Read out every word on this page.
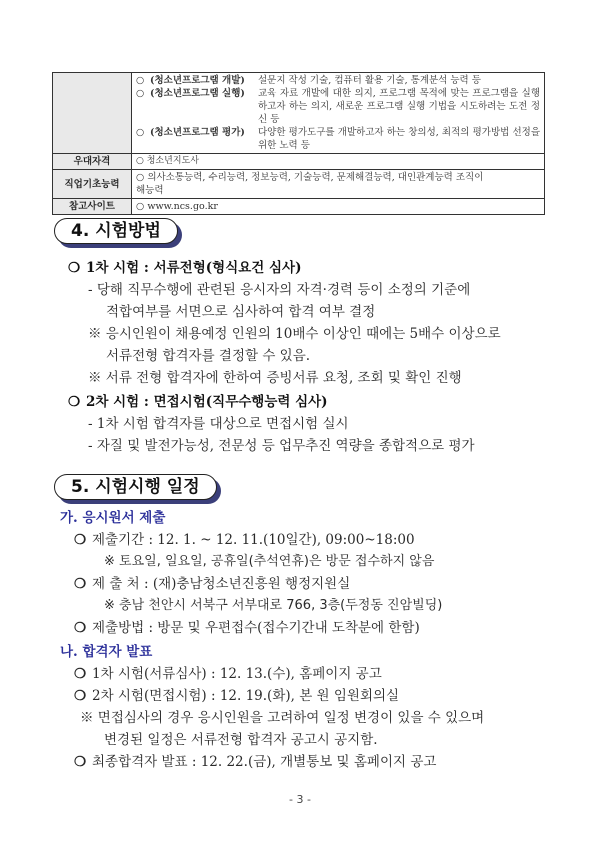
○ (청소년프로그램 개발)	설문지 작성 기술, 컴퓨터 활용 기술, 통계분석 능력 등
○ (청소년프로그램 실행)	교육 자료 개발에 대한 의지, 프로그램 목적에 맞는 프로그램을 실행하고자 하는 의지, 새로운 프로그램 실행 기법을 시도하려는 도전 정신 등
○ (청소년프로그램 평가)	다양한 평가도구를 개발하고자 하는 창의성, 최적의 평가방법 선정을 위한 노력 등

우대자격	○ 청소년지도사
직업기초능력	○ 의사소통능력, 수리능력, 정보능력, 기술능력, 문제해결능력, 대인관계능력 조직이해능력
참고사이트	○ www.ncs.go.kr
4. 시험방법
❍ 1차 시험 : 서류전형(형식요건 심사)
- 당해 직무수행에 관련된 응시자의 자격·경력 등이 소정의 기준에
적합여부를 서면으로 심사하여 합격 여부 결정
※ 응시인원이 채용예정 인원의 10배수 이상인 때에는 5배수 이상으로
서류전형 합격자를 결정할 수 있음.
※ 서류 전형 합격자에 한하여 증빙서류 요청, 조회 및 확인 진행
❍ 2차 시험 : 면접시험(직무수행능력 심사)
- 1차 시험 합격자를 대상으로 면접시험 실시
- 자질 및 발전가능성, 전문성 등 업무추진 역량을 종합적으로 평가
5. 시험시행 일정
가. 응시원서 제출
❍ 제출기간 : 12. 1. ~ 12. 11.(10일간), 09:00~18:00
※ 토요일, 일요일, 공휴일(추석연휴)은 방문 접수하지 않음
❍ 제 출 처 : (재)충남청소년진흥원 행정지원실
※ 충남 천안시 서북구 서부대로 766, 3층(두정동 진암빌딩)
❍ 제출방법 : 방문 및 우편접수(접수기간내 도착분에 한함)
나. 합격자 발표
❍ 1차 시험(서류심사) : 12. 13.(수), 홈페이지 공고
❍ 2차 시험(면접시험) : 12. 19.(화), 본 원 임원회의실
※ 면접심사의 경우 응시인원을 고려하여 일정 변경이 있을 수 있으며
변경된 일정은 서류전형 합격자 공고시 공지함.
❍ 최종합격자 발표 : 12. 22.(금), 개별통보 및 홈페이지 공고
- 3 -
